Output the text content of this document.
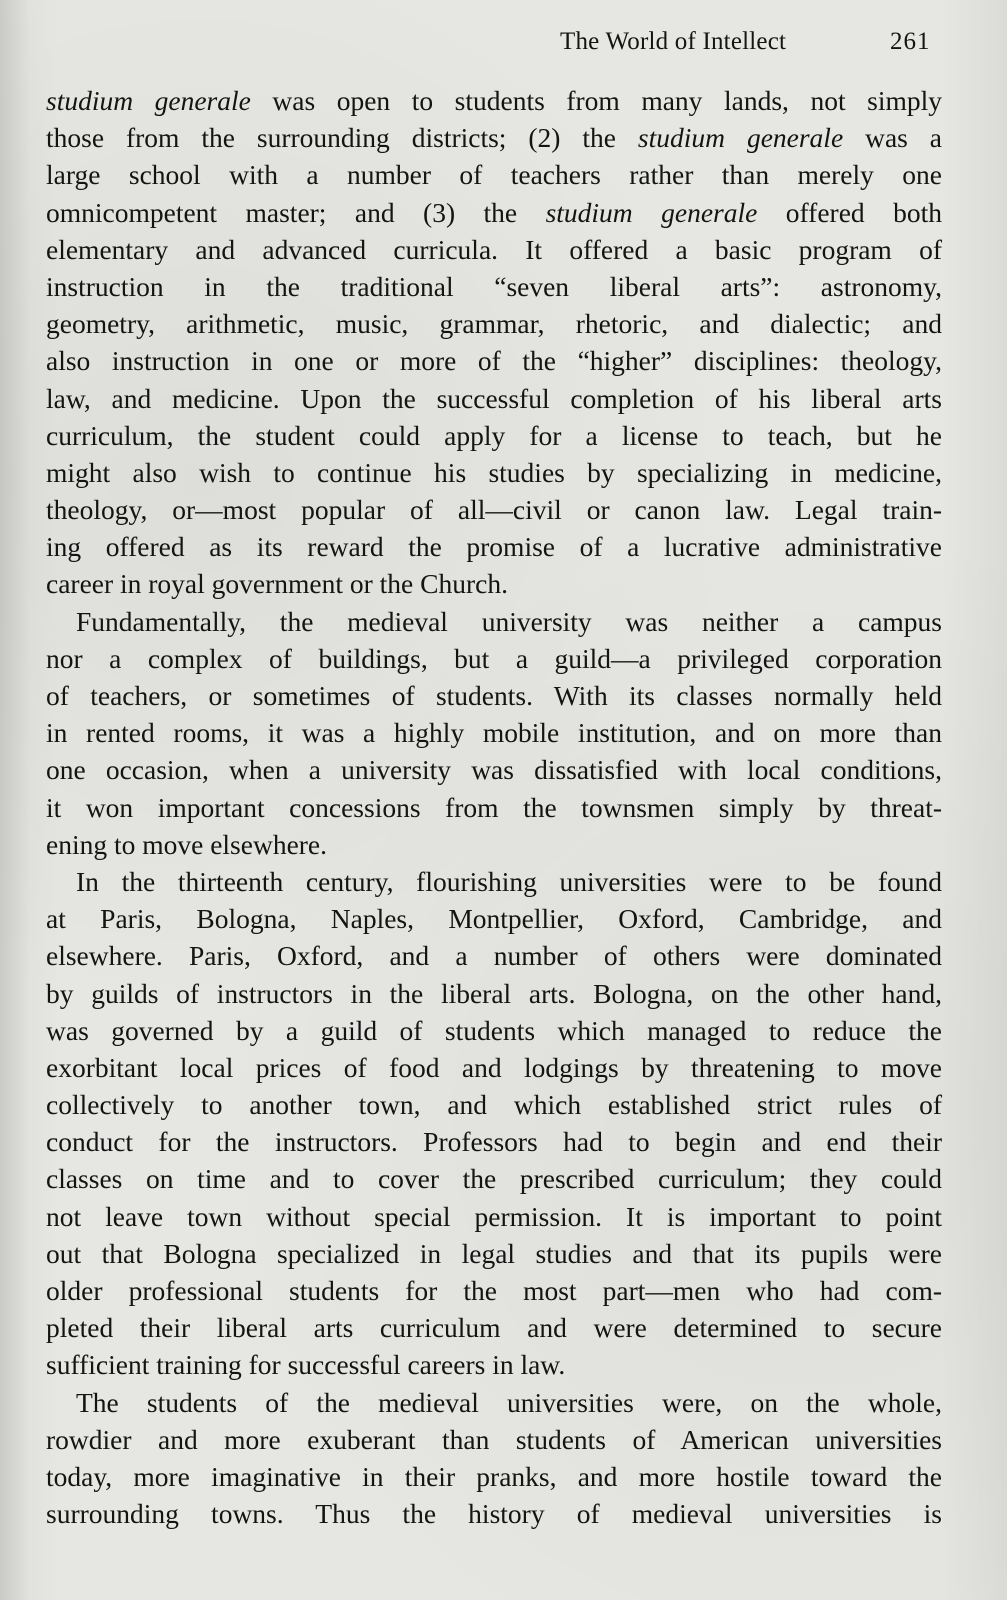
The World of Intellect	261
studium generale was open to students from many lands, not simply
those from the surrounding districts; (2) the studium generale was a
large school with a number of teachers rather than merely one
omnicompetent master; and (3) the studium generale offered both
elementary and advanced curricula. It offered a basic program of
instruction in the traditional “seven liberal arts”: astronomy,
geometry, arithmetic, music, grammar, rhetoric, and dialectic; and
also instruction in one or more of the “higher” disciplines: theology,
law, and medicine. Upon the successful completion of his liberal arts
curriculum, the student could apply for a license to teach, but he
might also wish to continue his studies by specializing in medicine,
theology, or—most popular of all—civil or canon law. Legal train-
ing offered as its reward the promise of a lucrative administrative
career in royal government or the Church.
Fundamentally, the medieval university was neither a campus
nor a complex of buildings, but a guild—a privileged corporation
of teachers, or sometimes of students. With its classes normally held
in rented rooms, it was a highly mobile institution, and on more than
one occasion, when a university was dissatisfied with local conditions,
it won important concessions from the townsmen simply by threat-
ening to move elsewhere.
In the thirteenth century, flourishing universities were to be found
at Paris, Bologna, Naples, Montpellier, Oxford, Cambridge, and
elsewhere. Paris, Oxford, and a number of others were dominated
by guilds of instructors in the liberal arts. Bologna, on the other hand,
was governed by a guild of students which managed to reduce the
exorbitant local prices of food and lodgings by threatening to move
collectively to another town, and which established strict rules of
conduct for the instructors. Professors had to begin and end their
classes on time and to cover the prescribed curriculum; they could
not leave town without special permission. It is important to point
out that Bologna specialized in legal studies and that its pupils were
older professional students for the most part—men who had com-
pleted their liberal arts curriculum and were determined to secure
sufficient training for successful careers in law.
The students of the medieval universities were, on the whole,
rowdier and more exuberant than students of American universities
today, more imaginative in their pranks, and more hostile toward the
surrounding towns. Thus the history of medieval universities is
